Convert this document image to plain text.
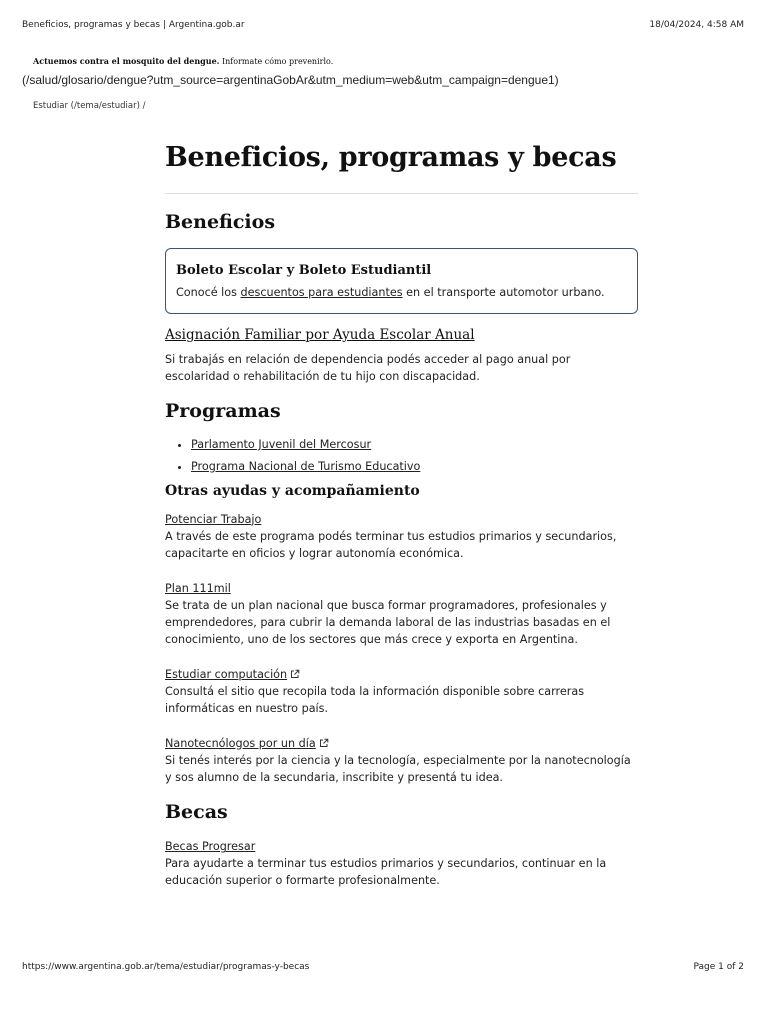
Beneficios, programas y becas | Argentina.gob.ar	18/04/2024, 4:58 AM
Actuemos contra el mosquito del dengue. Informate cómo prevenirlo.
(/salud/glosario/dengue?utm_source=argentinaGobAr&utm_medium=web&utm_campaign=dengue1)
Estudiar (/tema/estudiar) /
Beneficios, programas y becas
Beneficios
Boleto Escolar y Boleto Estudiantil

Conocé los descuentos para estudiantes en el transporte automotor urbano.

Asignación Familiar por Ayuda Escolar Anual

Si trabajás en relación de dependencia podés acceder al pago anual por escolaridad o rehabilitación de tu hijo con discapacidad.

Programas
• Parlamento Juvenil del Mercosur
• Programa Nacional de Turismo Educativo
Otras ayudas y acompañamiento
Potenciar Trabajo

A través de este programa podés terminar tus estudios primarios y secundarios, capacitarte en oficios y lograr autonomía económica.

Plan 111mil

Se trata de un plan nacional que busca formar programadores, profesionales y emprendedores, para cubrir la demanda laboral de las industrias basadas en el conocimiento, uno de los sectores que más crece y exporta en Argentina.

Estudiar computación

Consultá el sitio que recopila toda la información disponible sobre carreras informáticas en nuestro país.

Nanotecnólogos por un día

Si tenés interés por la ciencia y la tecnología, especialmente por la nanotecnología y sos alumno de la secundaria, inscribite y presentá tu idea.

Becas
Becas Progresar

Para ayudarte a terminar tus estudios primarios y secundarios, continuar en la educación superior o formarte profesionalmente.

https://www.argentina.gob.ar/tema/estudiar/programas-y-becas	Page 1 of 2
